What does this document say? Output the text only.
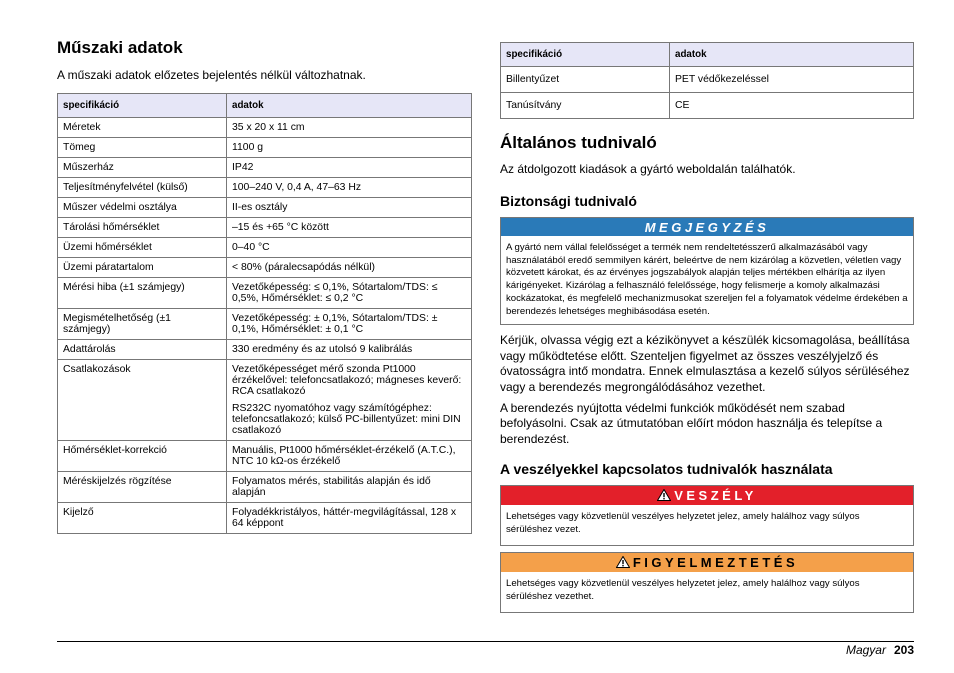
Műszaki adatok

A műszaki adatok előzetes bejelentés nélkül változhatnak.

specifikáció	adatok
Méretek	35 x 20 x 11 cm

Tömeg	1100 g

Műszerház	IP42

Teljesítményfelvétel (külső)	100–240 V, 0,4 A, 47–63 Hz

Műszer védelmi osztálya	II-es osztály

Tárolási hőmérséklet	–15 és +65 °C között

Üzemi hőmérséklet	0–40 °C

Üzemi páratartalom	< 80% (páralecsapódás nélkül)

Mérési hiba (±1 számjegy)	Vezetőképesség: ≤ 0,1%, Sótartalom/TDS: ≤ 0,5%, Hőmérséklet: ≤ 0,2 °C

Megismételhetőség (±1 számjegy)	Vezetőképesség: ± 0,1%, Sótartalom/TDS: ± 0,1%, Hőmérséklet: ± 0,1 °C

Adattárolás	330 eredmény és az utolsó 9 kalibrálás

Csatlakozások	Vezetőképességet mérő szonda Pt1000 érzékelővel: telefoncsatlakozó; mágneses keverő: RCA csatlakozó

RS232C nyomatóhoz vagy számítógéphez: telefoncsatlakozó; külső PC-billentyűzet: mini DIN csatlakozó

Hőmérséklet-korrekció	Manuális, Pt1000 hőmérséklet-érzékelő (A.T.C.), NTC 10 kΩ-os érzékelő

Méréskijelzés rögzítése	Folyamatos mérés, stabilitás alapján és idő alapján

Kijelző	Folyadékkristályos, háttér-megvilágítással, 128 x 64 képpont

specifikáció	adatok
Billentyűzet	PET védőkezeléssel
Tanúsítvány	CE
Általános tudnivaló

Az átdolgozott kiadások a gyártó weboldalán találhatók.

Biztonsági tudnivaló
MEGJEGYZÉS
A gyártó nem vállal felelősséget a termék nem rendeltetésszerű alkalmazásából vagy használatából eredő semmilyen kárért, beleértve de nem kizárólag a közvetlen, véletlen vagy közvetett károkat, és az érvényes jogszabályok alapján teljes mértékben elhárítja az ilyen kárigényeket. Kizárólag a felhasználó felelőssége, hogy felismerje a komoly alkalmazási kockázatokat, és megfelelő mechanizmusokat szereljen fel a folyamatok védelme érdekében a berendezés lehetséges meghibásodása esetén.

Kérjük, olvassa végig ezt a kézikönyvet a készülék kicsomagolása, beállítása vagy működtetése előtt. Szenteljen figyelmet az összes veszélyjelző és óvatosságra intő mondatra. Ennek elmulasztása a kezelő súlyos sérüléséhez vagy a berendezés megrongálódásához vezethet.

A berendezés nyújtotta védelmi funkciók működését nem szabad befolyásolni. Csak az útmutatóban előírt módon használja és telepítse a berendezést.

A veszélyekkel kapcsolatos tudnivalók használata
VESZÉLY
Lehetséges vagy közvetlenül veszélyes helyzetet jelez, amely halálhoz vagy súlyos sérüléshez vezet.
FIGYELMEZTETÉS
Lehetséges vagy közvetlenül veszélyes helyzetet jelez, amely halálhoz vagy súlyos sérüléshez vezethet.
Magyar 203
